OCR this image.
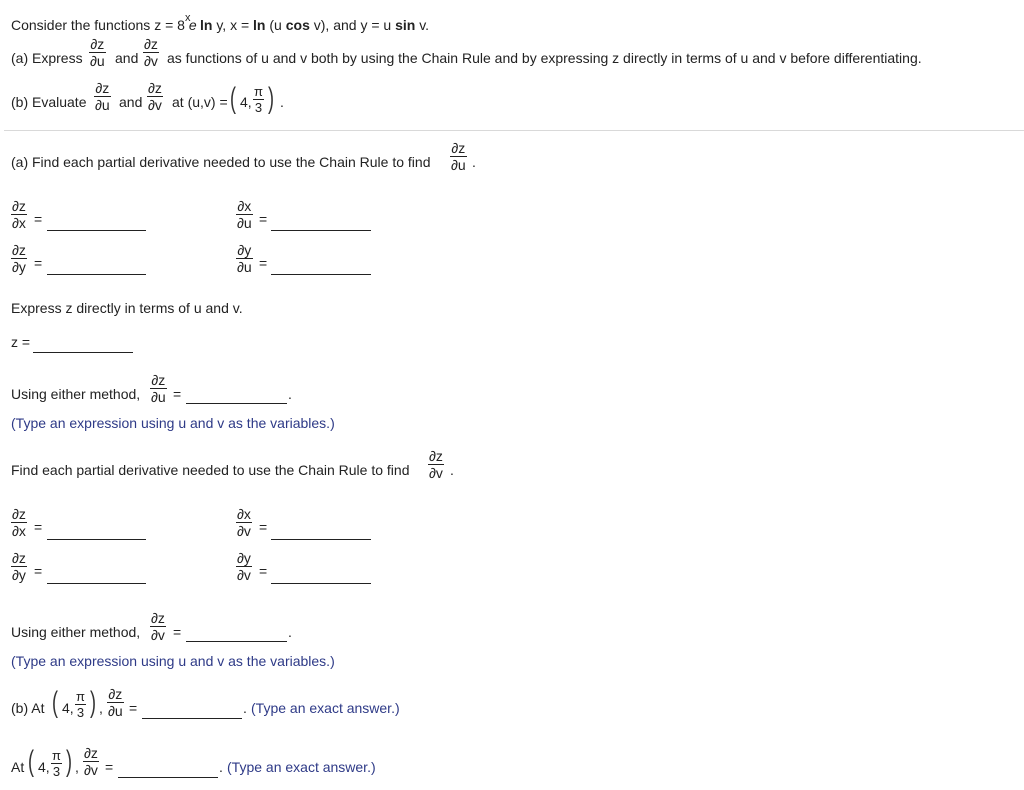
Consider the functions z = 8 e
x ln y, x = ln (u cos v), and y = u sin v.
(a) Express
∂z
∂u and
∂z
∂v as functions of u and v both by using the Chain Rule and by expressing z directly in terms of u and v before differentiating.
(b) Evaluate
∂z
∂u and
∂z
∂v at (u,v) = ( 4,
π
3 ) .
(a) Find each partial derivative needed to use the Chain Rule to find
∂z
∂u .
∂z
∂x =
∂x
∂u =
∂z
∂y =
∂y
∂u =
Express z directly in terms of u and v.
z =
Using either method,
∂z
∂u =	.
(Type an expression using u and v as the variables.)
Find each partial derivative needed to use the Chain Rule to find
∂z
∂v .
∂z
∂x =
∂x
∂v =
∂z
∂y =
∂y
∂v =
Using either method,
∂z
∂v =	.
(Type an expression using u and v as the variables.)
(b) At ( 4,
π
3 ) ,
∂z
∂u =	. (Type an exact answer.)
At ( 4,
π
3 ) ,
∂z
∂v =	. (Type an exact answer.)
